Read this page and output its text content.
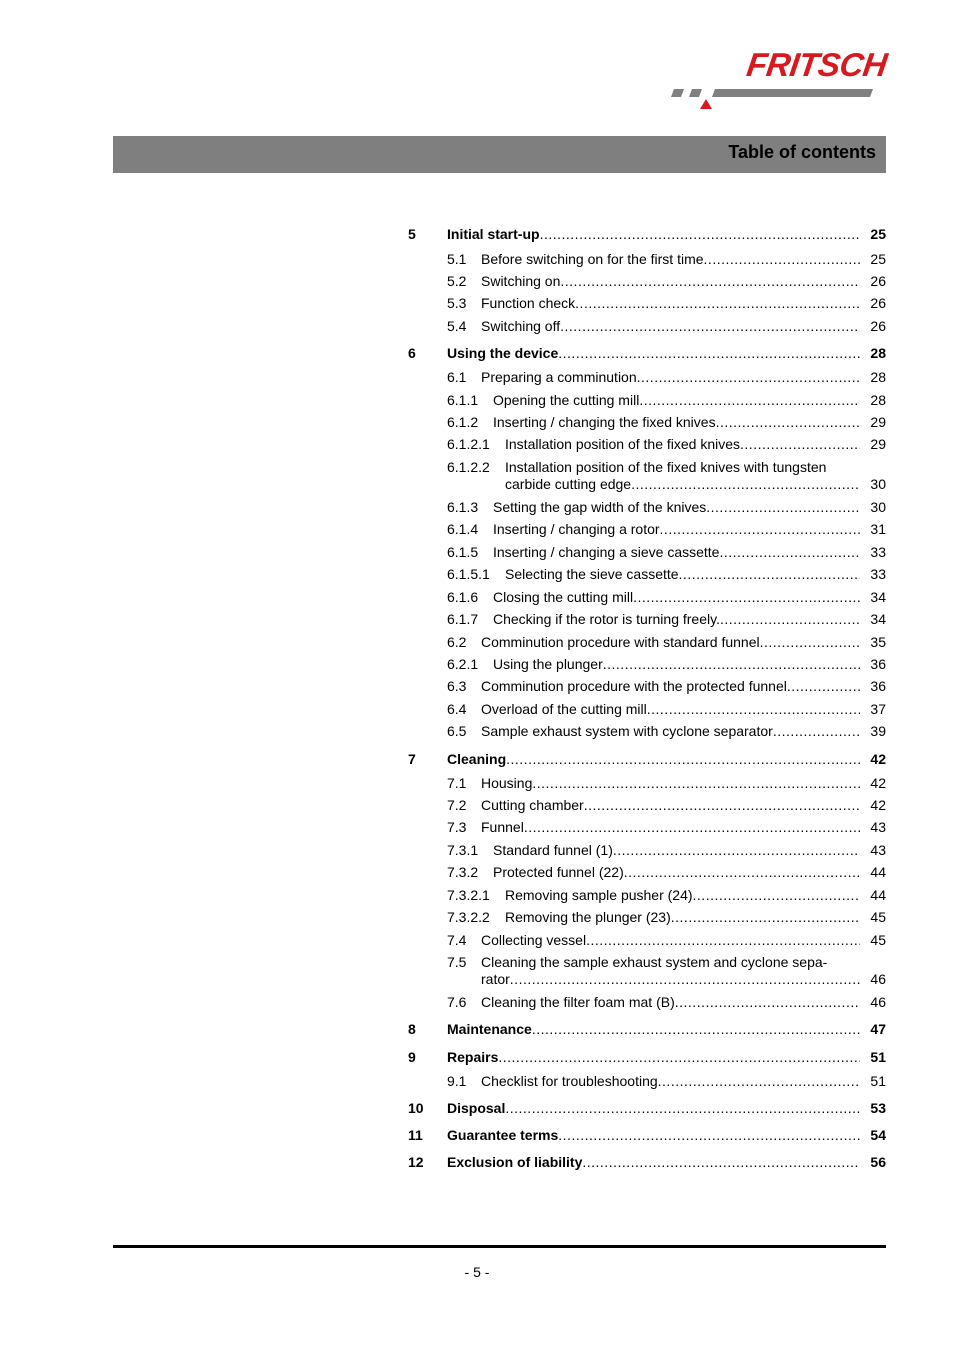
FRITSCH
Table of contents
5 Initial start-up .....	25
5.1 Before switching on for the first time .....	25
5.2 Switching on .....	26
5.3 Function check .....	26
5.4 Switching off .....	26
6 Using the device .....	28
6.1 Preparing a comminution .....	28
6.1.1 Opening the cutting mill .....	28
6.1.2 Inserting / changing the fixed knives .....	29
6.1.2.1 Installation position of the fixed knives .....	29
6.1.2.2 Installation position of the fixed knives with tungsten
carbide cutting edge .....	30
6.1.3 Setting the gap width of the knives .....	30
6.1.4 Inserting / changing a rotor .....	31
6.1.5 Inserting / changing a sieve cassette .....	33
6.1.5.1 Selecting the sieve cassette .....	33
6.1.6 Closing the cutting mill .....	34
6.1.7 Checking if the rotor is turning freely. .....	34
6.2 Comminution procedure with standard funnel .....	35
6.2.1 Using the plunger .....	36
6.3 Comminution procedure with the protected funnel .....	36
6.4 Overload of the cutting mill .....	37
6.5 Sample exhaust system with cyclone separator .....	39
7 Cleaning .....	42
7.1 Housing .....	42
7.2 Cutting chamber .....	42
7.3 Funnel .....	43
7.3.1 Standard funnel (1) .....	43
7.3.2 Protected funnel (22) .....	44
7.3.2.1 Removing sample pusher (24) .....	44
7.3.2.2 Removing the plunger (23) .....	45
7.4 Collecting vessel .....	45
7.5 Cleaning the sample exhaust system and cyclone sepa-
rator .....	46
7.6 Cleaning the filter foam mat (B) .....	46
8 Maintenance .....	47
9 Repairs .....	51
9.1 Checklist for troubleshooting .....	51
10 Disposal .....	53
11 Guarantee terms .....	54
12 Exclusion of liability .....	56
- 5 -
